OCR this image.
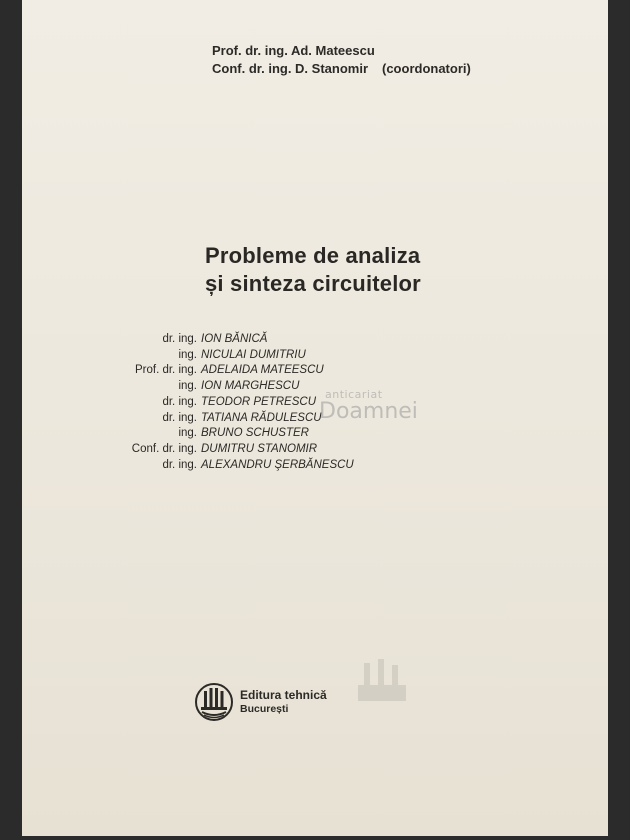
Prof. dr. ing. Ad. Mateescu
Conf. dr. ing. D. Stanomir (coordonatori)
Probleme de analiza
și sinteza circuitelor
dr. ing. ION BĂNICĂ
ing. NICULAI DUMITRIU
Prof. dr. ing. ADELAIDA MATEESCU
ing. ION MARGHESCU
dr. ing. TEODOR PETRESCU
dr. ing. TATIANA RĂDULESCU
ing. BRUNO SCHUSTER
Conf. dr. ing. DUMITRU STANOMIR
dr. ing. ALEXANDRU ŞERBĂNESCU
anticariat
Doamnei
Editura tehnică
București
